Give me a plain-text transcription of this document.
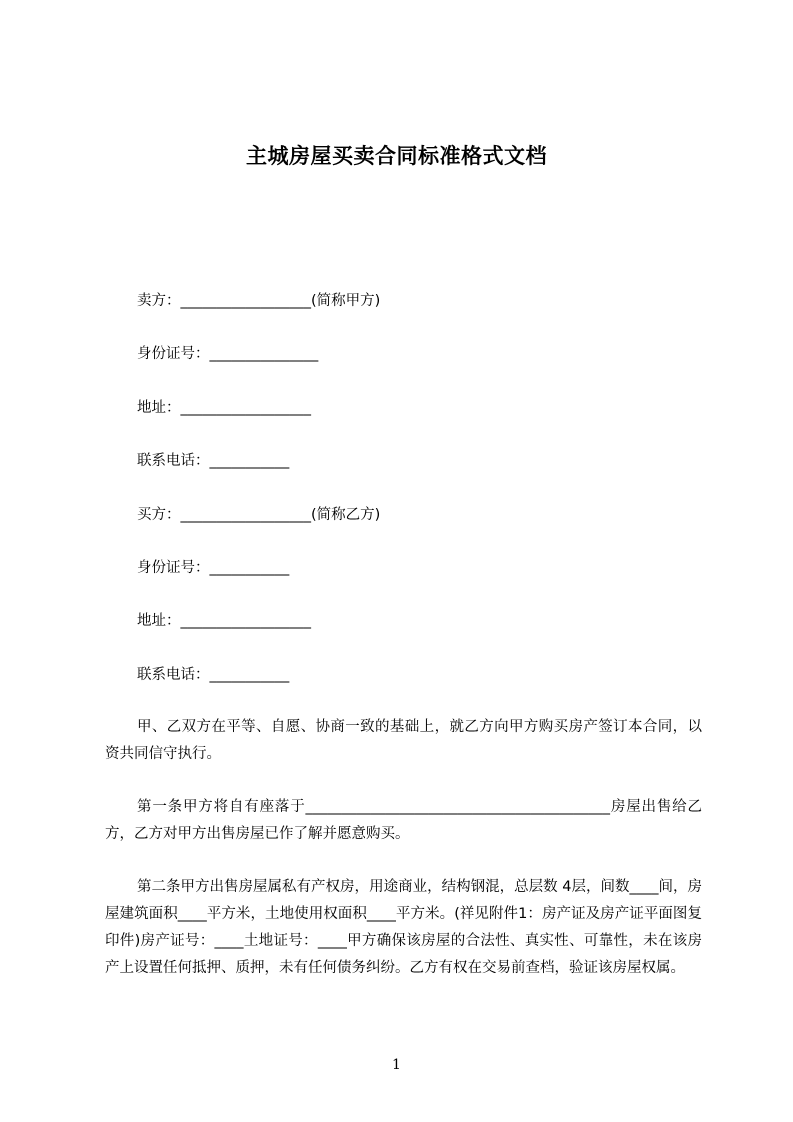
主城房屋买卖合同标准格式文档
卖方：__________________(简称甲方)
身份证号：_______________
地址：__________________
联系电话：___________
买方：__________________(简称乙方)
身份证号：___________
地址：__________________
联系电话：___________

甲、乙双方在平等、自愿、协商一致的基础上，就乙方向甲方购买房产签订本合同，以资共同信守执行。

第一条甲方将自有座落于__________________________________________房屋出售给乙方，乙方对甲方出售房屋已作了解并愿意购买。

第二条甲方出售房屋属私有产权房，用途商业，结构钢混，总层数 4层，间数____间，房屋建筑面积____平方米，土地使用权面积____平方米。(祥见附件1：房产证及房产证平面图复印件)房产证号：____土地证号：____甲方确保该房屋的合法性、真实性、可靠性，未在该房产上设置任何抵押、质押，未有任何债务纠纷。乙方有权在交易前查档，验证该房屋权属。

1
